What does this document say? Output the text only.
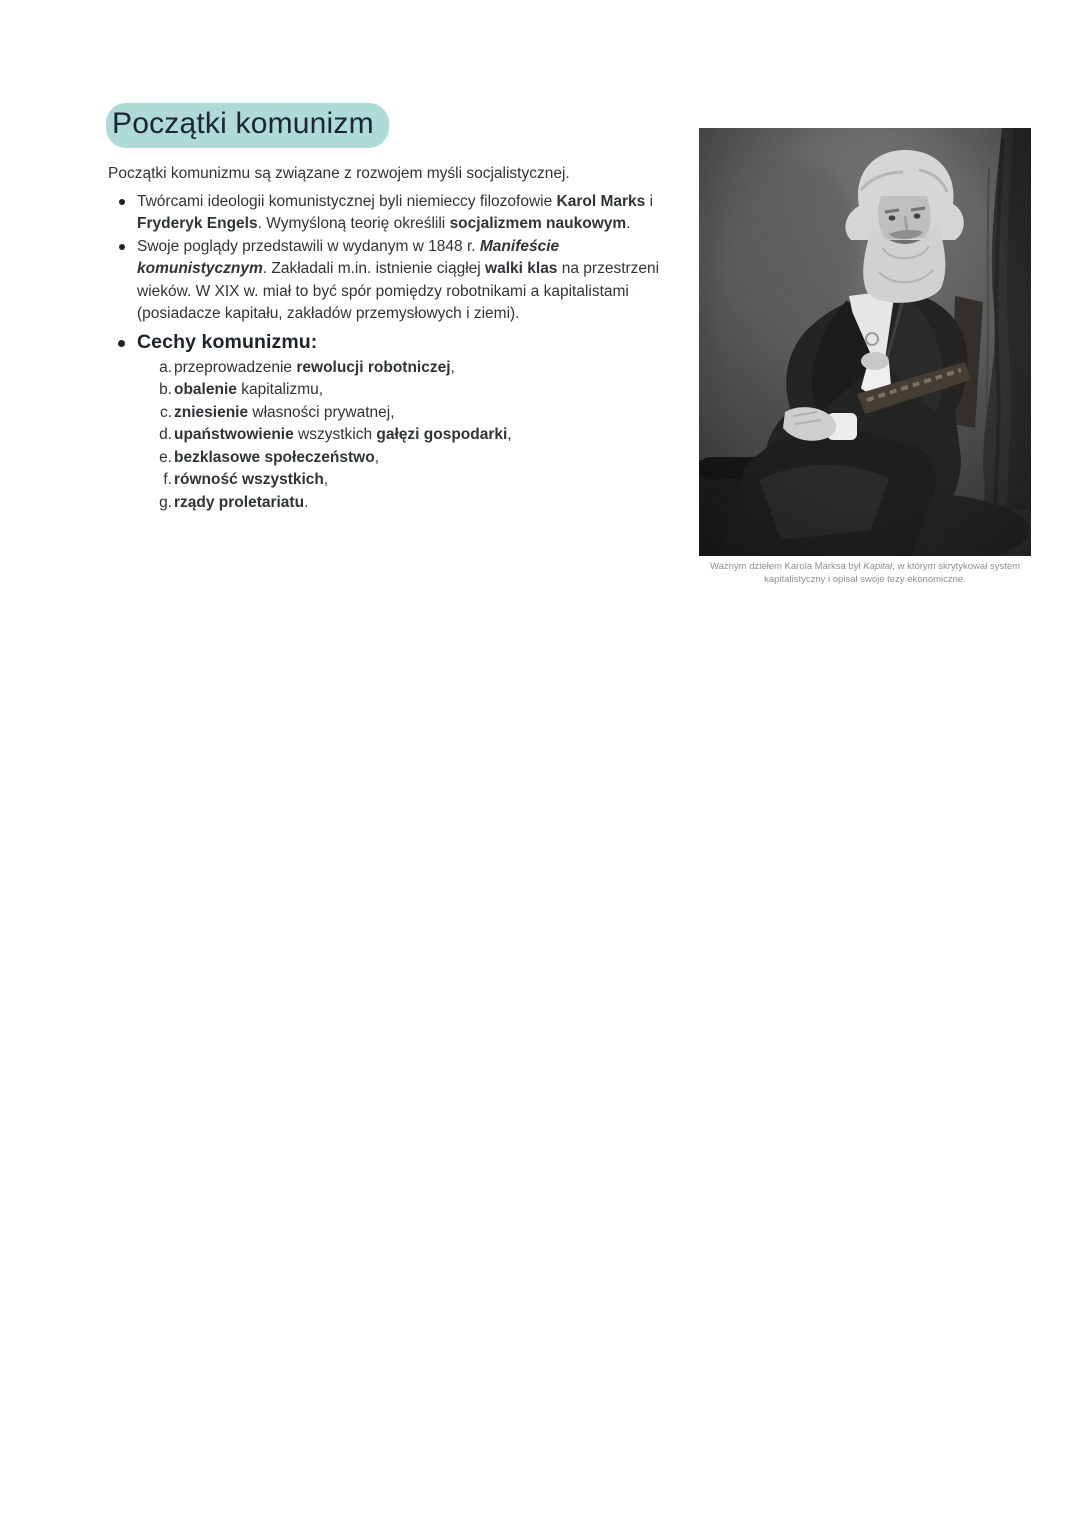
Początki komunizm

Początki komunizmu są związane z rozwojem myśli socjalistycznej.

Twórcami ideologii komunistycznej byli niemieccy filozofowie Karol Marks i Fryderyk Engels. Wymyśloną teorię określili socjalizmem naukowym.
Swoje poglądy przedstawili w wydanym w 1848 r. Manifeście komunistycznym. Zakładali m.in. istnienie ciągłej walki klas na przestrzeni wieków. W XIX w. miał to być spór pomiędzy robotnikami a kapitalistami (posiadacze kapitału, zakładów przemysłowych i ziemi).
Cechy komunizmu:
a. przeprowadzenie rewolucji robotniczej,
b. obalenie kapitalizmu,
c. zniesienie własności prywatnej,
d. upaństwowienie wszystkich gałęzi gospodarki,
e. bezklasowe społeczeństwo,
f. równość wszystkich,
g. rządy proletariatu.
Ważnym dziełem Karola Marksa był Kapitał, w którym skrytykował system kapitalistyczny i opisał swoje tezy ekonomiczne.
